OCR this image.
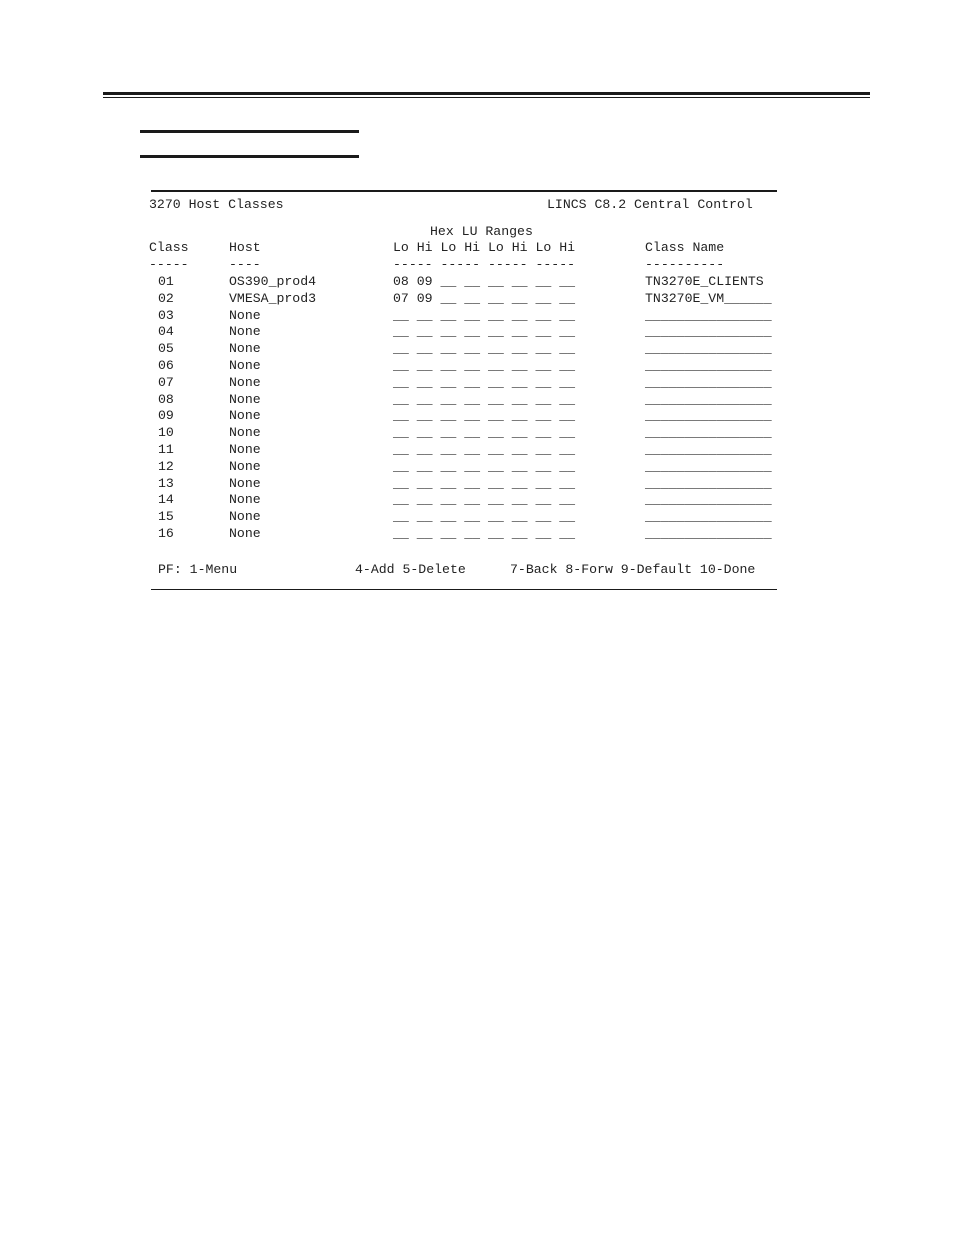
3270 Host Classes	LINCS C8.2 Central Control
Hex LU Ranges
Class	Host	Lo Hi Lo Hi Lo Hi Lo Hi	Class Name
-----	----	----- ----- ----- -----	----------
01	OS390_prod4	08 09 __ __ __ __ __ __	TN3270E_CLIENTS
02	VMESA_prod3	07 09 __ __ __ __ __ __	TN3270E_VM______
03	None	__ __ __ __ __ __ __ __	________________
04	None	__ __ __ __ __ __ __ __	________________
05	None	__ __ __ __ __ __ __ __	________________
06	None	__ __ __ __ __ __ __ __	________________
07	None	__ __ __ __ __ __ __ __	________________
08	None	__ __ __ __ __ __ __ __	________________
09	None	__ __ __ __ __ __ __ __	________________
10	None	__ __ __ __ __ __ __ __	________________
11	None	__ __ __ __ __ __ __ __	________________
12	None	__ __ __ __ __ __ __ __	________________
13	None	__ __ __ __ __ __ __ __	________________
14	None	__ __ __ __ __ __ __ __	________________
15	None	__ __ __ __ __ __ __ __	________________
16	None	__ __ __ __ __ __ __ __	________________
PF: 1-Menu	4-Add 5-Delete	7-Back 8-Forw 9-Default 10-Done
